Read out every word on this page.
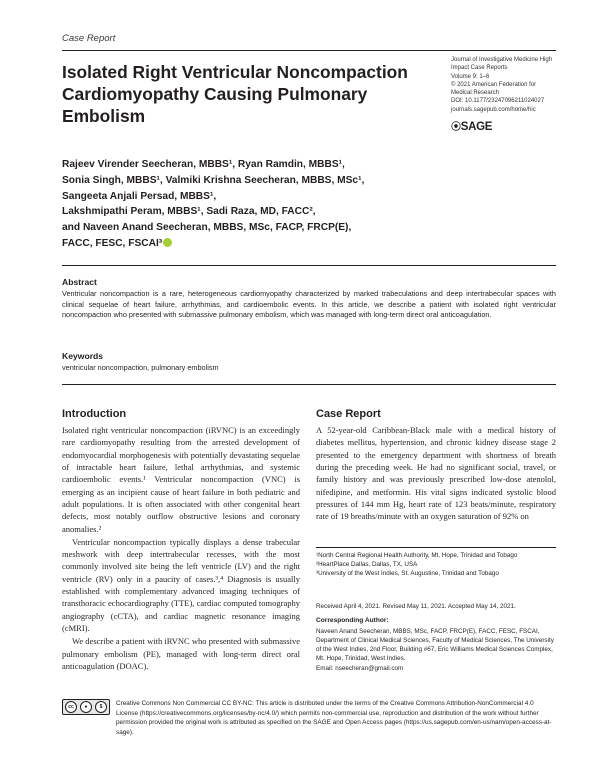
Case Report
Isolated Right Ventricular Noncompaction
Cardiomyopathy Causing Pulmonary
Embolism
Journal of Investigative Medicine High
Impact Case Reports
Volume 9: 1–6
© 2021 American Federation for
Medical Research
DOI: 10.1177/23247096211024027
journals.sagepub.com/home/hic
⦿SAGE
Rajeev Virender Seecheran, MBBS¹, Ryan Ramdin, MBBS¹,
Sonia Singh, MBBS¹, Valmiki Krishna Seecheran, MBBS, MSc¹,
Sangeeta Anjali Persad, MBBS¹,
Lakshmipathi Peram, MBBS¹, Sadi Raza, MD, FACC²,
and Naveen Anand Seecheran, MBBS, MSc, FACP, FRCP(E),
FACC, FESC, FSCAI³
Abstract
Ventricular noncompaction is a rare, heterogeneous cardiomyopathy characterized by marked trabeculations and deep intertrabecular spaces with clinical sequelae of heart failure, arrhythmias, and cardioembolic events. In this article, we describe a patient with isolated right ventricular noncompaction who presented with submassive pulmonary embolism, which was managed with long-term direct oral anticoagulation.
Keywords
ventricular noncompaction, pulmonary embolism
Introduction

Isolated right ventricular noncompaction (iRVNC) is an exceedingly rare cardiomyopathy resulting from the arrested development of endomyocardial morphogenesis with potentially devastating sequelae of intractable heart failure, lethal arrhythmias, and systemic cardioembolic events.¹ Ventricular noncompaction (VNC) is emerging as an incipient cause of heart failure in both pediatric and adult populations. It is often associated with other congenital heart defects, most notably outflow obstructive lesions and coronary anomalies.²

Ventricular noncompaction typically displays a dense trabecular meshwork with deep intertrabecular recesses, with the most commonly involved site being the left ventricle (LV) and the right ventricle (RV) only in a paucity of cases.³,⁴ Diagnosis is usually established with complementary advanced imaging techniques of transthoracic echocardiography (TTE), cardiac computed tomography angiography (cCTA), and cardiac magnetic resonance imaging (cMRI).

We describe a patient with iRVNC who presented with submassive pulmonary embolism (PE), managed with long-term direct oral anticoagulation (DOAC).

Case Report

A 52-year-old Caribbean-Black male with a medical history of diabetes mellitus, hypertension, and chronic kidney disease stage 2 presented to the emergency department with shortness of breath during the preceding week. He had no significant social, travel, or family history and was previously prescribed low-dose atenolol, nifedipine, and metformin. His vital signs indicated systolic blood pressures of 144 mm Hg, heart rate of 123 beats/minute, respiratory rate of 19 breaths/minute with an oxygen saturation of 92% on

¹North Central Regional Health Authority, Mt. Hope, Trinidad and Tobago
²HeartPlace Dallas, Dallas, TX, USA
³University of the West Indies, St. Augustine, Trinidad and Tobago
Received April 4, 2021. Revised May 11, 2021. Accepted May 14, 2021.
Corresponding Author:
Naveen Anand Seecheran, MBBS, MSc, FACP, FRCP(E), FACC, FESC, FSCAI, Department of Clinical Medical Sciences, Faculty of Medical Sciences, The University of the West Indies, 2nd Floor, Building #67, Eric Williams Medical Sciences Complex, Mt. Hope, Trinidad, West Indies.
Email: nseecheran@gmail.com
Creative Commons Non Commercial CC BY-NC: This article is distributed under the terms of the Creative Commons Attribution-NonCommercial 4.0 License (https://creativecommons.org/licenses/by-nc/4.0/) which permits non-commercial use, reproduction and distribution of the work without further permission provided the original work is attributed as specified on the SAGE and Open Access pages (https://us.sagepub.com/en-us/nam/open-access-at-sage).
cc	●	$
